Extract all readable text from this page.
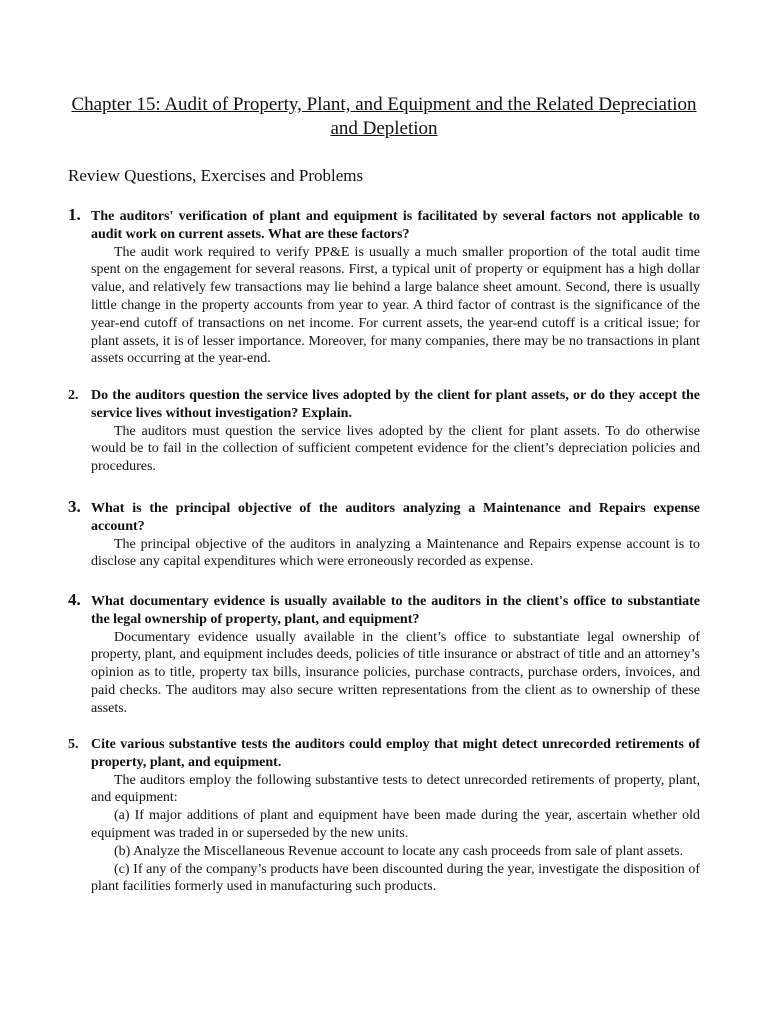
Chapter 15: Audit of Property, Plant, and Equipment and the Related Depreciation and Depletion
Review Questions, Exercises and Problems
1. The auditors' verification of plant and equipment is facilitated by several factors not applicable to audit work on current assets. What are these factors?

The audit work required to verify PP&E is usually a much smaller proportion of the total audit time spent on the engagement for several reasons. First, a typical unit of property or equipment has a high dollar value, and relatively few transactions may lie behind a large balance sheet amount. Second, there is usually little change in the property accounts from year to year. A third factor of contrast is the significance of the year-end cutoff of transactions on net income. For current assets, the year-end cutoff is a critical issue; for plant assets, it is of lesser importance. Moreover, for many companies, there may be no transactions in plant assets occurring at the year-end.

2. Do the auditors question the service lives adopted by the client for plant assets, or do they accept the service lives without investigation? Explain.

The auditors must question the service lives adopted by the client for plant assets. To do otherwise would be to fail in the collection of sufficient competent evidence for the client’s depreciation policies and procedures.

3. What is the principal objective of the auditors analyzing a Maintenance and Repairs expense account?

The principal objective of the auditors in analyzing a Maintenance and Repairs expense account is to disclose any capital expenditures which were erroneously recorded as expense.

4. What documentary evidence is usually available to the auditors in the client's office to substantiate the legal ownership of property, plant, and equipment?

Documentary evidence usually available in the client’s office to substantiate legal ownership of property, plant, and equipment includes deeds, policies of title insurance or abstract of title and an attorney’s opinion as to title, property tax bills, insurance policies, purchase contracts, purchase orders, invoices, and paid checks. The auditors may also secure written representations from the client as to ownership of these assets.

5. Cite various substantive tests the auditors could employ that might detect unrecorded retirements of property, plant, and equipment.

The auditors employ the following substantive tests to detect unrecorded retirements of property, plant, and equipment:

(a) If major additions of plant and equipment have been made during the year, ascertain whether old equipment was traded in or superseded by the new units.

(b) Analyze the Miscellaneous Revenue account to locate any cash proceeds from sale of plant assets.

(c) If any of the company’s products have been discounted during the year, investigate the disposition of plant facilities formerly used in manufacturing such products.
